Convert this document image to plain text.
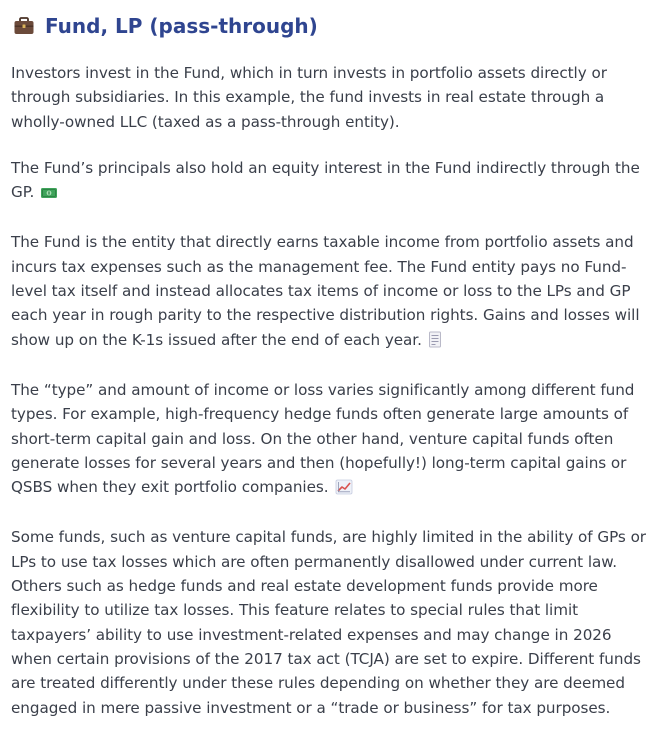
Fund, LP (pass-through)

Investors invest in the Fund, which in turn invests in portfolio assets directly or through subsidiaries. In this example, the fund invests in real estate through a wholly-owned LLC (taxed as a pass-through entity).

The Fund’s principals also hold an equity interest in the Fund indirectly through the GP.

The Fund is the entity that directly earns taxable income from portfolio assets and incurs tax expenses such as the management fee. The Fund entity pays no Fund-level tax itself and instead allocates tax items of income or loss to the LPs and GP each year in rough parity to the respective distribution rights. Gains and losses will show up on the K-1s issued after the end of each year.

The “type” and amount of income or loss varies significantly among different fund types. For example, high-frequency hedge funds often generate large amounts of short-term capital gain and loss. On the other hand, venture capital funds often generate losses for several years and then (hopefully!) long-term capital gains or QSBS when they exit portfolio companies.

Some funds, such as venture capital funds, are highly limited in the ability of GPs or LPs to use tax losses which are often permanently disallowed under current law. Others such as hedge funds and real estate development funds provide more flexibility to utilize tax losses. This feature relates to special rules that limit taxpayers’ ability to use investment-related expenses and may change in 2026 when certain provisions of the 2017 tax act (TCJA) are set to expire. Different funds are treated differently under these rules depending on whether they are deemed engaged in mere passive investment or a “trade or business” for tax purposes.
